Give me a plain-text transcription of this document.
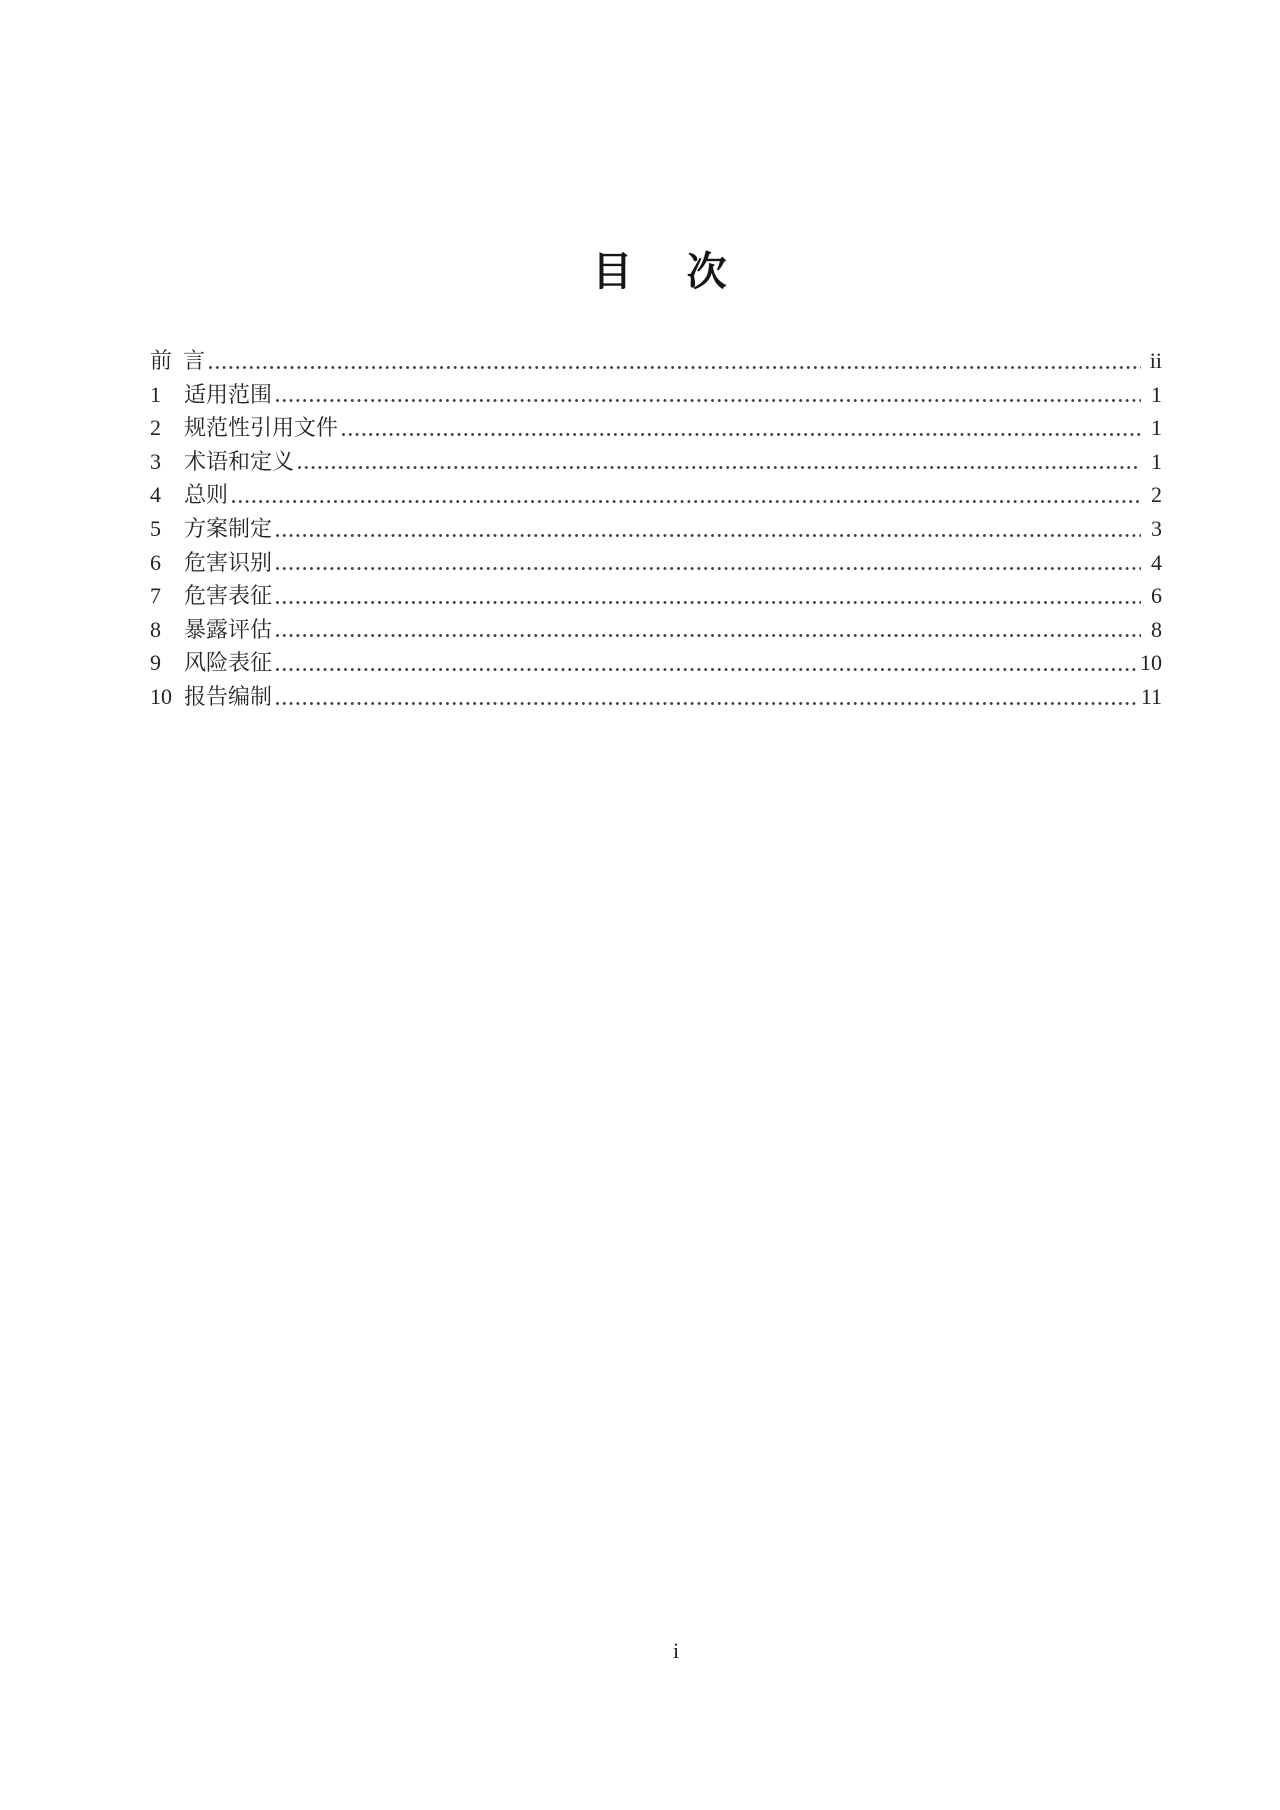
目　次
前  言	ii
1	适用范围	1
2	规范性引用文件	1
3	术语和定义	1
4	总则	2
5	方案制定	3
6	危害识别	4
7	危害表征	6
8	暴露评估	8
9	风险表征	10
10 报告编制	11
i
